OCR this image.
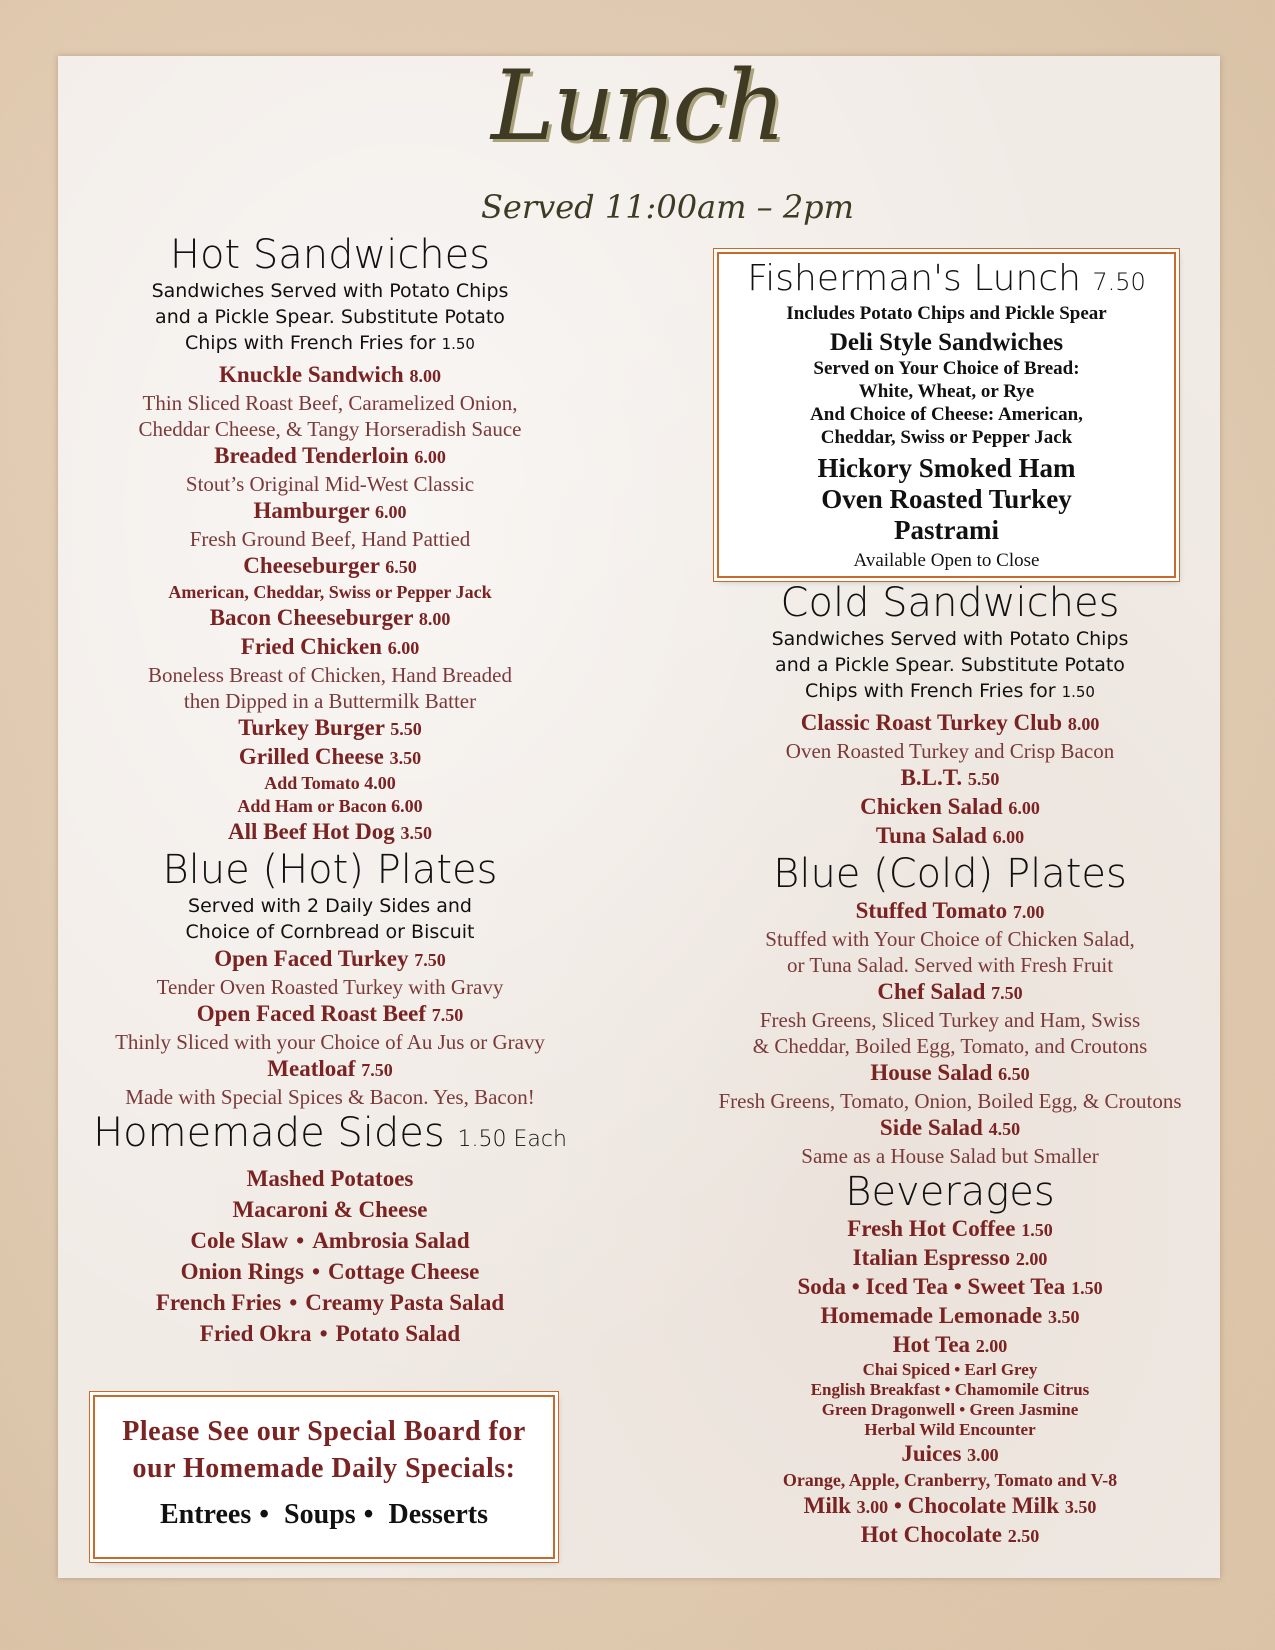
Lunch
Served 11:00am – 2pm
Hot Sandwiches
Sandwiches Served with Potato Chips
and a Pickle Spear. Substitute Potato
Chips with French Fries for 1.50
Knuckle Sandwich 8.00
Thin Sliced Roast Beef, Caramelized Onion,
Cheddar Cheese, & Tangy Horseradish Sauce
Breaded Tenderloin 6.00
Stout’s Original Mid-West Classic
Hamburger 6.00
Fresh Ground Beef, Hand Pattied
Cheeseburger 6.50
American, Cheddar, Swiss or Pepper Jack
Bacon Cheeseburger 8.00
Fried Chicken 6.00
Boneless Breast of Chicken, Hand Breaded
then Dipped in a Buttermilk Batter
Turkey Burger 5.50
Grilled Cheese 3.50
Add Tomato 4.00
Add Ham or Bacon 6.00
All Beef Hot Dog 3.50
Blue (Hot) Plates
Served with 2 Daily Sides and
Choice of Cornbread or Biscuit
Open Faced Turkey 7.50
Tender Oven Roasted Turkey with Gravy
Open Faced Roast Beef 7.50
Thinly Sliced with your Choice of Au Jus or Gravy
Meatloaf 7.50
Made with Special Spices & Bacon. Yes, Bacon!
Homemade Sides 1.50 Each
Mashed Potatoes
Macaroni & Cheese
Cole Slaw • Ambrosia Salad
Onion Rings • Cottage Cheese
French Fries • Creamy Pasta Salad
Fried Okra • Potato Salad
Please See our Special Board for
our Homemade Daily Specials:
Entrees • Soups • Desserts
Fisherman's Lunch 7.50
Includes Potato Chips and Pickle Spear
Deli Style Sandwiches
Served on Your Choice of Bread:
White, Wheat, or Rye
And Choice of Cheese: American,
Cheddar, Swiss or Pepper Jack
Hickory Smoked Ham
Oven Roasted Turkey
Pastrami
Available Open to Close
Cold Sandwiches
Sandwiches Served with Potato Chips
and a Pickle Spear. Substitute Potato
Chips with French Fries for 1.50
Classic Roast Turkey Club 8.00
Oven Roasted Turkey and Crisp Bacon
B.L.T. 5.50
Chicken Salad 6.00
Tuna Salad 6.00
Blue (Cold) Plates
Stuffed Tomato 7.00
Stuffed with Your Choice of Chicken Salad,
or Tuna Salad. Served with Fresh Fruit
Chef Salad 7.50
Fresh Greens, Sliced Turkey and Ham, Swiss
& Cheddar, Boiled Egg, Tomato, and Croutons
House Salad 6.50
Fresh Greens, Tomato, Onion, Boiled Egg, & Croutons
Side Salad 4.50
Same as a House Salad but Smaller
Beverages
Fresh Hot Coffee 1.50
Italian Espresso 2.00
Soda • Iced Tea • Sweet Tea 1.50
Homemade Lemonade 3.50
Hot Tea 2.00
Chai Spiced • Earl Grey
English Breakfast • Chamomile Citrus
Green Dragonwell • Green Jasmine
Herbal Wild Encounter
Juices 3.00
Orange, Apple, Cranberry, Tomato and V-8
Milk 3.00 • Chocolate Milk 3.50
Hot Chocolate 2.50
